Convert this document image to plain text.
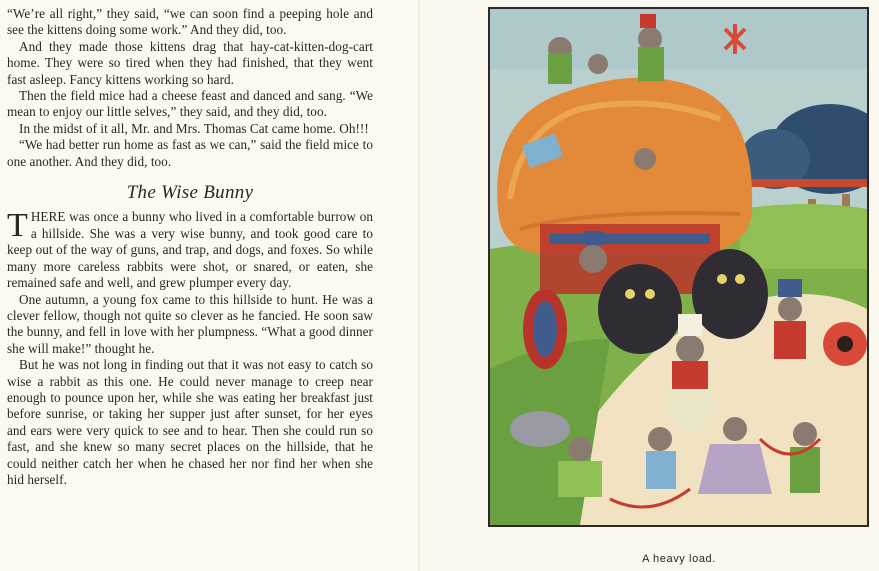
“We’re all right,” they said, “we can soon find a peeping hole and see the kittens doing some work.” And they did, too.

And they made those kittens drag that hay-cat-kitten-dog-cart home. They were so tired when they had finished, that they went fast asleep. Fancy kittens working so hard.

Then the field mice had a cheese feast and danced and sang. “We mean to enjoy our little selves,” they said, and they did, too.

In the midst of it all, Mr. and Mrs. Thomas Cat came home. Oh!!!

“We had better run home as fast as we can,” said the field mice to one another. And they did, too.

The Wise Bunny

THERE was once a bunny who lived in a comfortable burrow on a hillside. She was a very wise bunny, and took good care to keep out of the way of guns, and trap, and dogs, and foxes. So while many more careless rabbits were shot, or snared, or eaten, she remained safe and well, and grew plumper every day.

One autumn, a young fox came to this hillside to hunt. He was a clever fellow, though not quite so clever as he fancied. He soon saw the bunny, and fell in love with her plumpness. “What a good dinner she will make!” thought he.

But he was not long in finding out that it was not easy to catch so wise a rabbit as this one. He could never manage to creep near enough to pounce upon her, while she was eating her breakfast just before sunrise, or taking her supper just after sunset, for her eyes and ears were very quick to see and to hear. Then she could run so fast, and she knew so many secret places on the hillside, that he could neither catch her when he chased her nor find her when she hid herself.

A heavy load.
